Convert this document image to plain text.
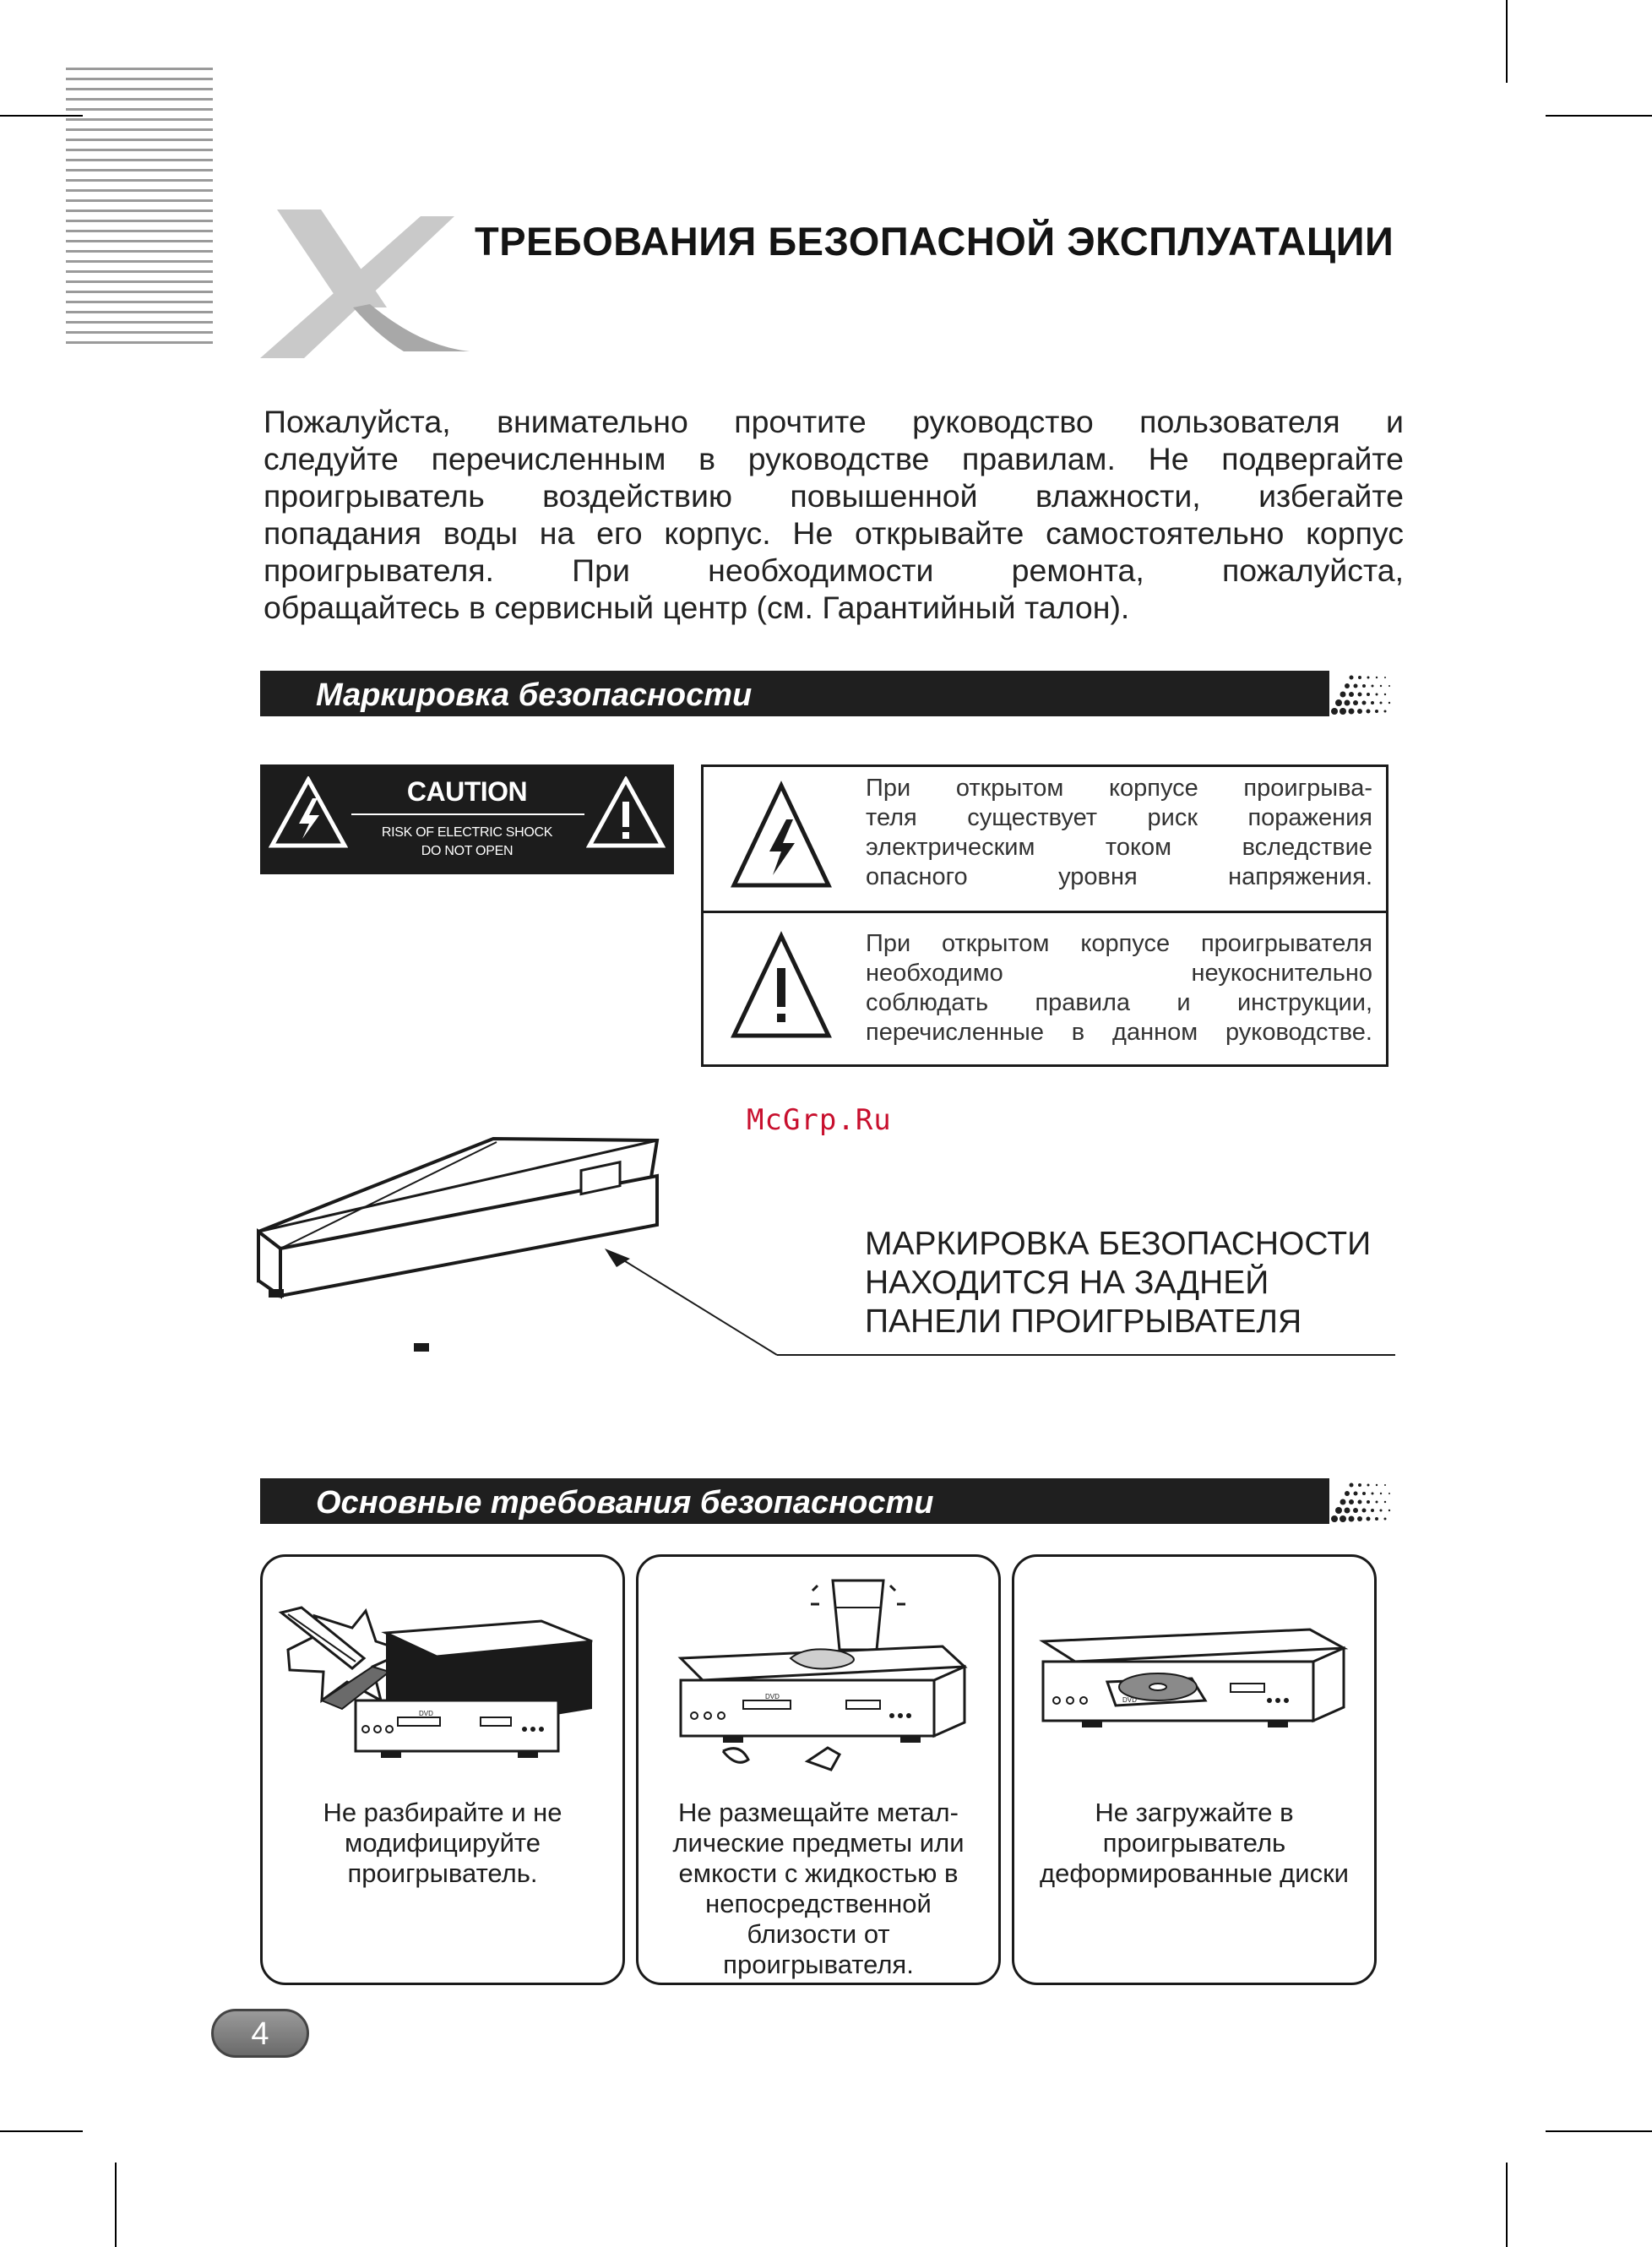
ТРЕБОВАНИЯ БЕЗОПАСНОЙ ЭКСПЛУАТАЦИИ
Пожалуйста, внимательно прочтите руководство пользователя и
следуйте перечисленным в руководстве правилам. Не подвергайте
проигрыватель воздействию повышенной влажности, избегайте
попадания воды на его корпус. Не открывайте самостоятельно корпус
проигрывателя. При необходимости ремонта, пожалуйста,
обращайтесь в сервисный центр (см. Гарантийный талон).
Маркировка безопасности
CAUTION
RISK OF ELECTRIC SHOCK
DO NOT OPEN
При открытом корпусе проигрыва-
теля существует риск поражения
электрическим током вследствие
опасного уровня напряжения.
При открытом корпусе проигрывателя
необходимо неукоснительно
соблюдать правила и инструкции,
перечисленные в данном руководстве.
McGrp.Ru
МАРКИРОВКА БЕЗОПАСНОСТИ
НАХОДИТСЯ НА ЗАДНЕЙ
ПАНЕЛИ ПРОИГРЫВАТЕЛЯ
Основные требования безопасности
DVD
Не разбирайте и не
модифицируйте
проигрыватель.
DVD
Не размещайте метал-
лические предметы или
емкости с жидкостью в
непосредственной
близости от
проигрывателя.
DVD
Не загружайте в
проигрыватель
деформированные диски
4
